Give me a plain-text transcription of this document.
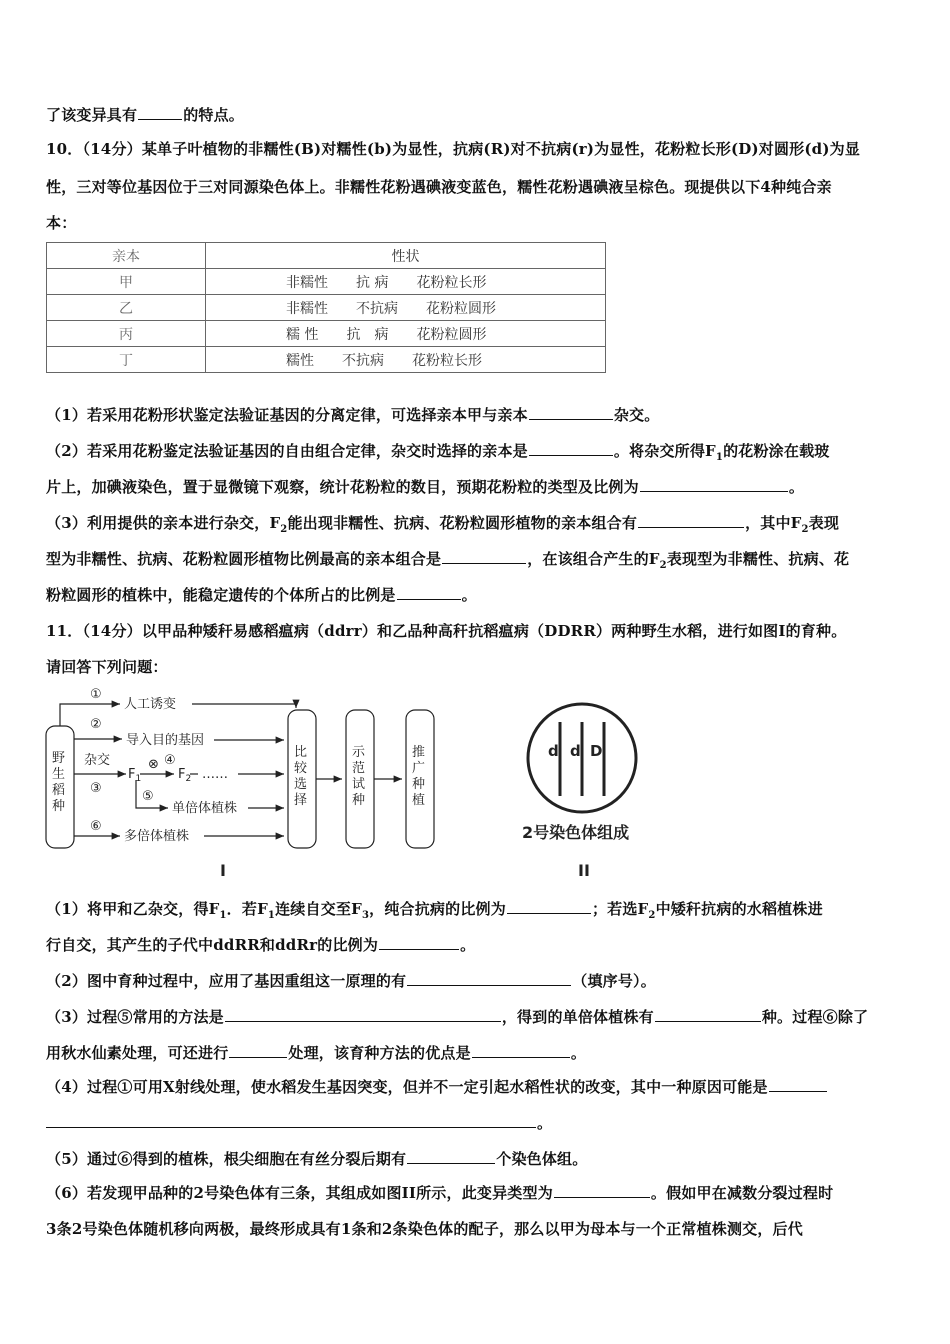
了该变异具有	的特点。
10．（14分）某单子叶植物的非糯性(B)对糯性(b)为显性，抗病(R)对不抗病(r)为显性，花粉粒长形(D)对圆形(d)为显
性，三对等位基因位于三对同源染色体上。非糯性花粉遇碘液变蓝色，糯性花粉遇碘液呈棕色。现提供以下4种纯合亲
本：
亲本	性状
甲	非糯性 抗 病 花粉粒长形
乙	非糯性 不抗病 花粉粒圆形
丙	糯 性 抗　病 花粉粒圆形
丁	糯性 不抗病 花粉粒长形
（1）若采用花粉形状鉴定法验证基因的分离定律，可选择亲本甲与亲本	杂交。
（2）若采用花粉鉴定法验证基因的自由组合定律，杂交时选择的亲本是	。将杂交所得$F_1$的花粉涂在载玻
片上，加碘液染色，置于显微镜下观察，统计花粉粒的数目，预期花粉粒的类型及比例为	。
（3）利用提供的亲本进行杂交，$F_2$能出现非糯性、抗病、花粉粒圆形植物的亲本组合有	，其中$F_2$表现
型为非糯性、抗病、花粉粒圆形植物比例最高的亲本组合是	，在该组合产生的$F_2$表现型为非糯性、抗病、花
粉粒圆形的植株中，能稳定遗传的个体所占的比例是	。
11．（14分）以甲品种矮秆易感稻瘟病（ddrr）和乙品种高秆抗稻瘟病（DDRR）两种野生水稻，进行如图I的育种。
请回答下列问题：
野生稻种
比较选择
示范试种
推广种植
①
人工诱变
②
导入目的基因
杂交
③
$F_1$
⊗ ④
$F_2$ ……
⑤
单倍体植株
⑥
多倍体植株
I
d d D
2号染色体组成
II
（1）将甲和乙杂交，得$F_1$．若$F_1$连续自交至$F_3$，纯合抗病的比例为	；若选$F_2$中矮秆抗病的水稻植株进
行自交，其产生的子代中ddRR和ddRr的比例为	。
（2）图中育种过程中，应用了基因重组这一原理的有	（填序号）。
（3）过程⑤常用的方法是	，得到的单倍体植株有	种。过程⑥除了
用秋水仙素处理，可还进行	处理，该育种方法的优点是	。
（4）过程①可用X射线处理，使水稻发生基因突变，但并不一定引起水稻性状的改变，其中一种原因可能是
。
（5）通过⑥得到的植株，根尖细胞在有丝分裂后期有	个染色体组。
（6）若发现甲品种的2号染色体有三条，其组成如图II所示，此变异类型为	。假如甲在减数分裂过程时
3条2号染色体随机移向两极，最终形成具有1条和2条染色体的配子，那么以甲为母本与一个正常植株测交，后代
